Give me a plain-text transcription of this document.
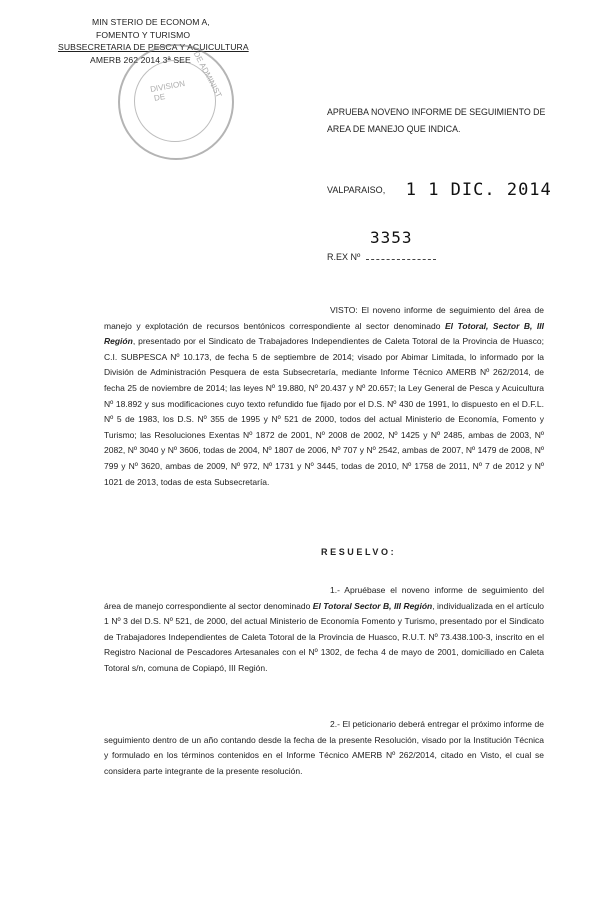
MIN STERIO DE ECONOM A,
FOMENTO Y TURISMO
SUBSECRETARIA DE PESCA Y ACUICULTURA
AMERB 262 2014 3ª SEE DE ADMINIST
DIVISION
DE
APRUEBA NOVENO INFORME DE SEGUIMIENTO DE AREA DE MANEJO QUE INDICA.
VALPARAISO, 1 1 DIC. 2014
3353
R.EX Nº

VISTO: El noveno informe de seguimiento del área de manejo y explotación de recursos bentónicos correspondiente al sector denominado El Totoral, Sector B, III Región, presentado por el Sindicato de Trabajadores Independientes de Caleta Totoral de la Provincia de Huasco; C.I. SUBPESCA Nº 10.173, de fecha 5 de septiembre de 2014; visado por Abimar Limitada, lo informado por la División de Administración Pesquera de esta Subsecretaría, mediante Informe Técnico AMERB Nº 262/2014, de fecha 25 de noviembre de 2014; las leyes Nº 19.880, Nº 20.437 y Nº 20.657; la Ley General de Pesca y Acuicultura Nº 18.892 y sus modificaciones cuyo texto refundido fue fijado por el D.S. Nº 430 de 1991, lo dispuesto en el D.F.L. Nº 5 de 1983, los D.S. Nº 355 de 1995 y Nº 521 de 2000, todos del actual Ministerio de Economía, Fomento y Turismo; las Resoluciones Exentas Nº 1872 de 2001, Nº 2008 de 2002, Nº 1425 y Nº 2485, ambas de 2003, Nº 2082, Nº 3040 y Nº 3606, todas de 2004, Nº 1807 de 2006, Nº 707 y Nº 2542, ambas de 2007, Nº 1479 de 2008, Nº 799 y Nº 3620, ambas de 2009, Nº 972, Nº 1731 y Nº 3445, todas de 2010, Nº 1758 de 2011, Nº 7 de 2012 y Nº 1021 de 2013, todas de esta Subsecretaría.

RESUELVO:

1.- Apruébase el noveno informe de seguimiento del área de manejo correspondiente al sector denominado El Totoral Sector B, III Región, individualizada en el artículo 1 Nº 3 del D.S. Nº 521, de 2000, del actual Ministerio de Economía Fomento y Turismo, presentado por el Sindicato de Trabajadores Independientes de Caleta Totoral de la Provincia de Huasco, R.U.T. Nº 73.438.100-3, inscrito en el Registro Nacional de Pescadores Artesanales con el Nº 1302, de fecha 4 de mayo de 2001, domiciliado en Caleta Totoral s/n, comuna de Copiapó, III Región.

2.- El peticionario deberá entregar el próximo informe de seguimiento dentro de un año contando desde la fecha de la presente Resolución, visado por la Institución Técnica y formulado en los términos contenidos en el Informe Técnico AMERB Nº 262/2014, citado en Visto, el cual se considera parte integrante de la presente resolución.
